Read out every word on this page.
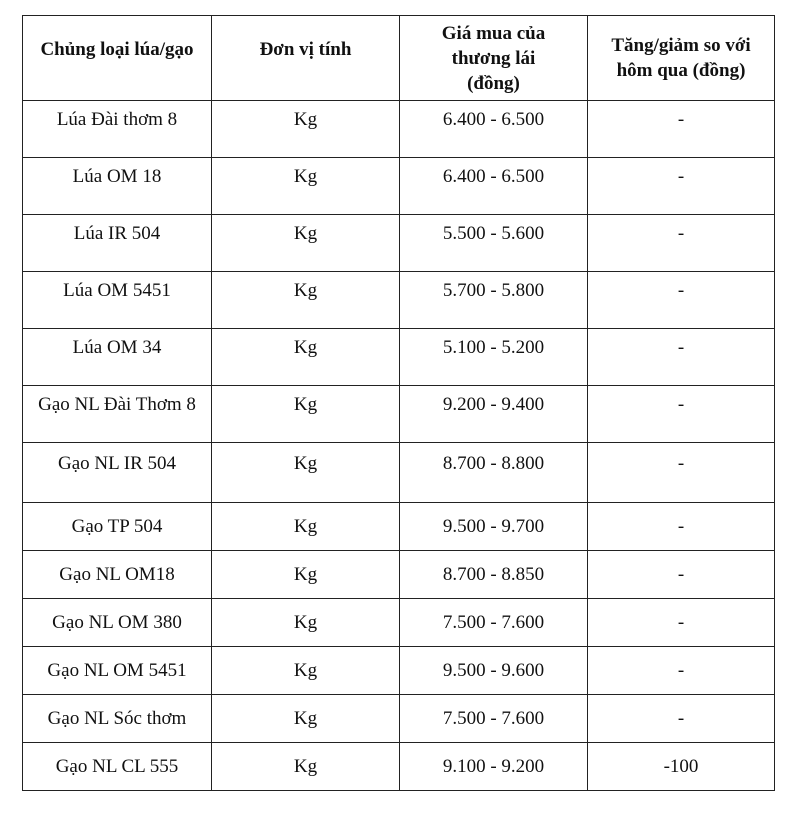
Chủng loại lúa/gạo	Đơn vị tính	Giá mua của thương lái (đồng)	Tăng/giảm so với hôm qua (đồng)
Lúa Đài thơm 8	Kg	6.400 - 6.500	-
Lúa OM 18	Kg	6.400 - 6.500	-
Lúa IR 504	Kg	5.500 - 5.600	-
Lúa OM 5451	Kg	5.700 - 5.800	-
Lúa OM 34	Kg	5.100 - 5.200	-
Gạo NL Đài Thơm 8	Kg	9.200 - 9.400	-
Gạo NL IR 504	Kg	8.700 - 8.800	-
Gạo TP 504	Kg	9.500 - 9.700	-
Gạo NL OM18	Kg	8.700 - 8.850	-
Gạo NL OM 380	Kg	7.500 - 7.600	-
Gạo NL OM 5451	Kg	9.500 - 9.600	-
Gạo NL Sóc thơm	Kg	7.500 - 7.600	-
Gạo NL CL 555	Kg	9.100 - 9.200	-100
